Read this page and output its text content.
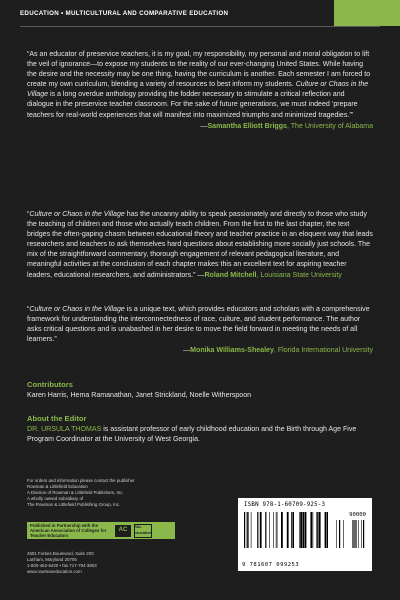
EDUCATION • MULTICULTURAL AND COMPARATIVE EDUCATION

“As an educator of preservice teachers, it is my goal, my responsibility, my personal and moral obligation to lift the veil of ignorance—to expose my students to the reality of our ever-changing United States. While having the desire and the necessity may be one thing, having the curriculum is another. Each semester I am forced to create my own curriculum, blending a variety of resources to best inform my students. Culture or Chaos in the Village is a long overdue anthology providing the fodder necessary to stimulate a critical reflection and dialogue in the preservice teacher classroom. For the sake of future generations, we must indeed ‘prepare teachers for real-world experiences that will manifest into maximized triumphs and minimized tragedies.’”

—Samantha Elliott Briggs, The University of Alabama

“Culture or Chaos in the Village has the uncanny ability to speak passionately and directly to those who study the teaching of children and those who actually teach children. From the first to the last chapter, the text bridges the often-gaping chasm between educational theory and teacher practice in an eloquent way that leads researchers and teachers to ask themselves hard questions about establishing more socially just schools. The mix of the straightforward commentary, thorough engagement of relevant pedagogical literature, and meaningful activities at the conclusion of each chapter makes this an excellent text for aspiring teacher leaders, educational researchers, and administrators.” —Roland Mitchell, Louisiana State University

“Culture or Chaos in the Village is a unique text, which provides educators and scholars with a comprehensive framework for understanding the interconnectedness of race, culture, and student performance. The author asks critical questions and is unabashed in her desire to move the field forward in meeting the needs of all learners.”

—Monika Williams-Shealey, Florida International University

Contributors

Karen Harris, Hema Ramanathan, Janet Strickland, Noelle Witherspoon

About the Editor

DR. URSULA THOMAS is assistant professor of early childhood education and the Birth through Age Five Program Coordinator at the University of West Georgia.

For orders and information please contact the publisher
Rowman & Littlefield Education
A Division of Rowman & Littlefield Publishers, Inc.
A wholly owned subsidiary of
The Rowman & Littlefield Publishing Group, Inc.
Published in Partnership with the American Association of Colleges for Teacher Educators
AC	R&L education
4501 Forbes Boulevard, Suite 200
Lanham, Maryland 20706
1-800-462-6420 • fax 717-794-3803
www.rowmaneducation.com
ISBN 978-1-60709-925-3
90000
9 781607 099253
